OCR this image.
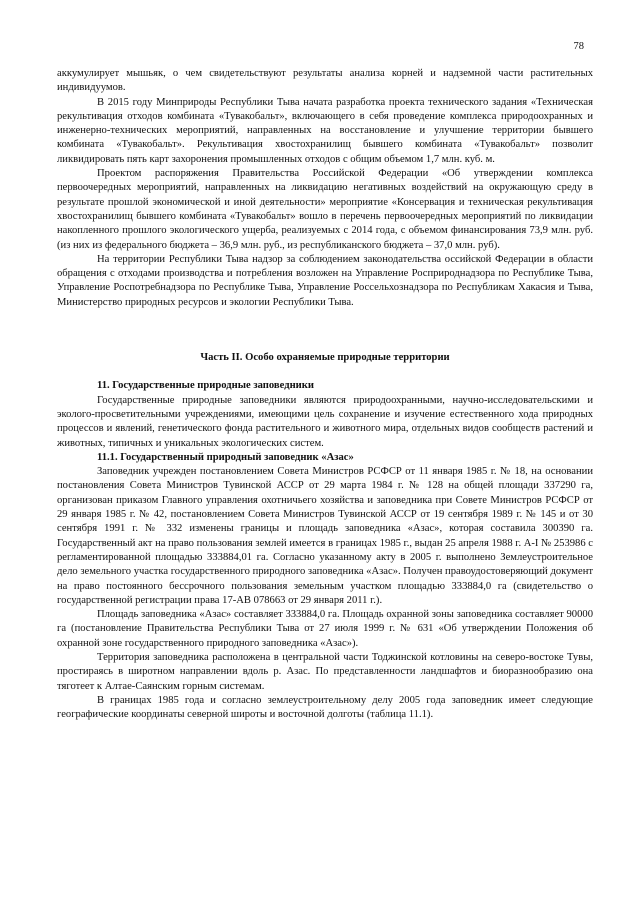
78

аккумулирует мышьяк, о чем свидетельствуют результаты анализа корней и надземной части растительных индивидуумов.

В 2015 году Минприроды Республики Тыва начата разработка проекта технического задания «Техническая рекультивация отходов комбината «Тувакобальт», включающего в себя проведение комплекса природоохранных и инженерно-технических мероприятий, направленных на восстановление и улучшение территории бывшего комбината «Тувакобальт». Рекультивация хвостохранилищ бывшего комбината «Тувакобальт» позволит ликвидировать пять карт захоронения промышленных отходов с общим объемом 1,7 млн. куб. м.

Проектом распоряжения Правительства Российской Федерации «Об утверждении комплекса первоочередных мероприятий, направленных на ликвидацию негативных воздействий на окружающую среду в результате прошлой экономической и иной деятельности» мероприятие «Консервация и техническая рекультивация хвостохранилищ бывшего комбината «Тувакобальт» вошло в перечень первоочередных мероприятий по ликвидации накопленного прошлого экологического ущерба, реализуемых с 2014 года, с объемом финансирования 73,9 млн. руб. (из них из федерального бюджета – 36,9 млн. руб., из республиканского бюджета – 37,0 млн. руб).

На территории Республики Тыва надзор за соблюдением законодательства оссийской Федерации в области обращения с отходами производства и потребления возложен на Управление Росприроднадзора по Республике Тыва, Управление Роспотребнадзора по Республике Тыва, Управление Россельхознадзора по Республикам Хакасия и Тыва, Министерство природных ресурсов и экологии Республики Тыва.

Часть II. Особо охраняемые природные территории

11. Государственные природные заповедники

Государственные природные заповедники являются природоохранными, научно-исследовательскими и эколого-просветительными учреждениями, имеющими цель сохранение и изучение естественного хода природных процессов и явлений, генетического фонда растительного и животного мира, отдельных видов сообществ растений и животных, типичных и уникальных экологических систем.

11.1. Государственный природный заповедник «Азас»

Заповедник учрежден постановлением Совета Министров РСФСР от 11 января 1985 г. № 18, на основании постановления Совета Министров Тувинской АССР от 29 марта 1984 г. № 128 на общей площади 337290 га, организован приказом Главного управления охотничьего хозяйства и заповедника при Совете Министров РСФСР от 29 января 1985 г. № 42, постановлением Совета Министров Тувинской АССР от 19 сентября 1989 г. № 145 и от 30 сентября 1991 г. № 332 изменены границы и площадь заповедника «Азас», которая составила 300390 га. Государственный акт на право пользования землей имеется в границах 1985 г., выдан 25 апреля 1988 г. А-I № 253986 с регламентированной площадью 333884,01 га. Согласно указанному акту в 2005 г. выполнено Землеустроительное дело земельного участка государственного природного заповедника «Азас». Получен правоудостоверяющий документ на право постоянного бессрочного пользования земельным участком площадью 333884,0 га (свидетельство о государственной регистрации права 17-АВ 078663 от 29 января 2011 г.).

Площадь заповедника «Азас» составляет 333884,0 га. Площадь охранной зоны заповедника составляет 90000 га (постановление Правительства Республики Тыва от 27 июля 1999 г. № 631 «Об утверждении Положения об охранной зоне государственного природного заповедника «Азас»).

Территория заповедника расположена в центральной части Тоджинской котловины на северо-востоке Тувы, простираясь в широтном направлении вдоль р. Азас. По представленности ландшафтов и биоразнообразию она тяготеет к Алтае-Саянским горным системам.

В границах 1985 года и согласно землеустроительному делу 2005 года заповедник имеет следующие географические координаты северной широты и восточной долготы (таблица 11.1).
